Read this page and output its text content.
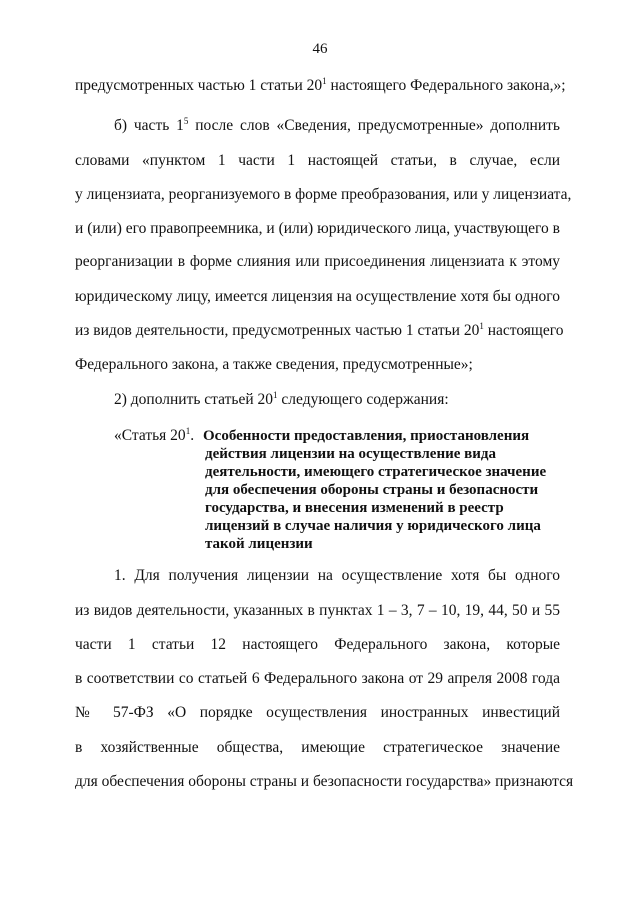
46
предусмотренных частью 1 статьи $20^1$ настоящего Федерального закона,»;
б) часть $1^5$ после слов «Сведения, предусмотренные» дополнить
словами «пунктом 1 части 1 настоящей статьи, в случае, если
у лицензиата, реорганизуемого в форме преобразования, или у лицензиата,
и (или) его правопреемника, и (или) юридического лица, участвующего в
реорганизации в форме слияния или присоединения лицензиата к этому
юридическому лицу, имеется лицензия на осуществление хотя бы одного
из видов деятельности, предусмотренных частью 1 статьи $20^1$ настоящего
Федерального закона, а также сведения, предусмотренные»;
2) дополнить статьей $20^1$ следующего содержания:
«Статья $20^1$. Особенности предоставления, приостановления
действия лицензии на осуществление вида
деятельности, имеющего стратегическое значение
для обеспечения обороны страны и безопасности
государства, и внесения изменений в реестр
лицензий в случае наличия у юридического лица
такой лицензии
1. Для получения лицензии на осуществление хотя бы одного
из видов деятельности, указанных в пунктах 1 – 3, 7 – 10, 19, 44, 50 и 55
части 1 статьи 12 настоящего Федерального закона, которые
в соответствии со статьей 6 Федерального закона от 29 апреля 2008 года
№ 57-ФЗ «О порядке осуществления иностранных инвестиций
в хозяйственные общества, имеющие стратегическое значение
для обеспечения обороны страны и безопасности государства» признаются
